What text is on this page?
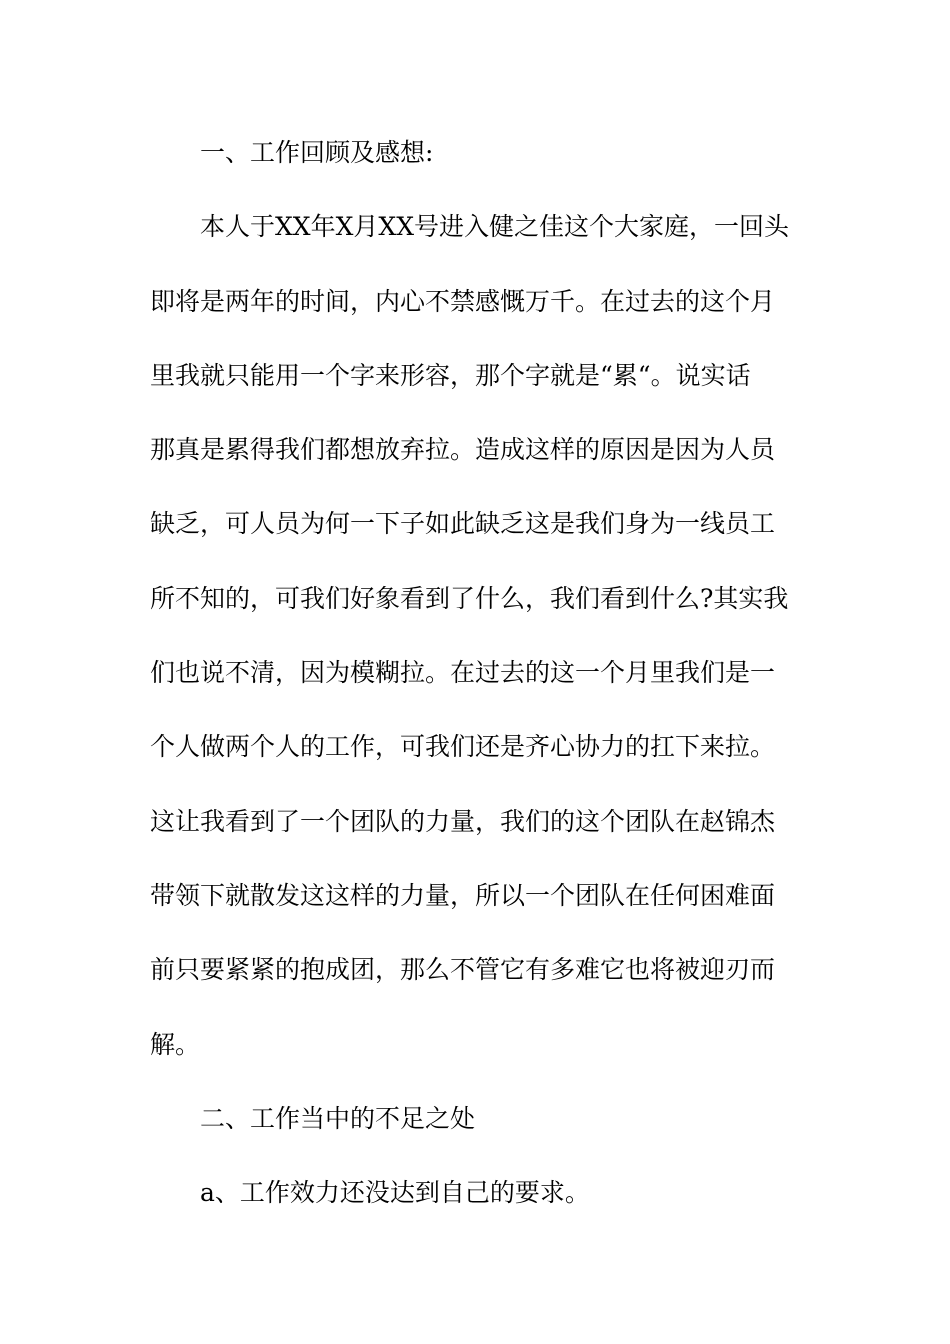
一、工作回顾及感想:
本人于XX年X月XX号进入健之佳这个大家庭，一回头
即将是两年的时间，内心不禁感慨万千。在过去的这个月
里我就只能用一个字来形容，那个字就是“累“。说实话
那真是累得我们都想放弃拉。造成这样的原因是因为人员
缺乏，可人员为何一下子如此缺乏这是我们身为一线员工
所不知的，可我们好象看到了什么，我们看到什么?其实我
们也说不清，因为模糊拉。在过去的这一个月里我们是一
个人做两个人的工作，可我们还是齐心协力的扛下来拉。
这让我看到了一个团队的力量，我们的这个团队在赵锦杰
带领下就散发这这样的力量，所以一个团队在任何困难面
前只要紧紧的抱成团，那么不管它有多难它也将被迎刃而
解。
二、工作当中的不足之处
a、工作效力还没达到自己的要求。
